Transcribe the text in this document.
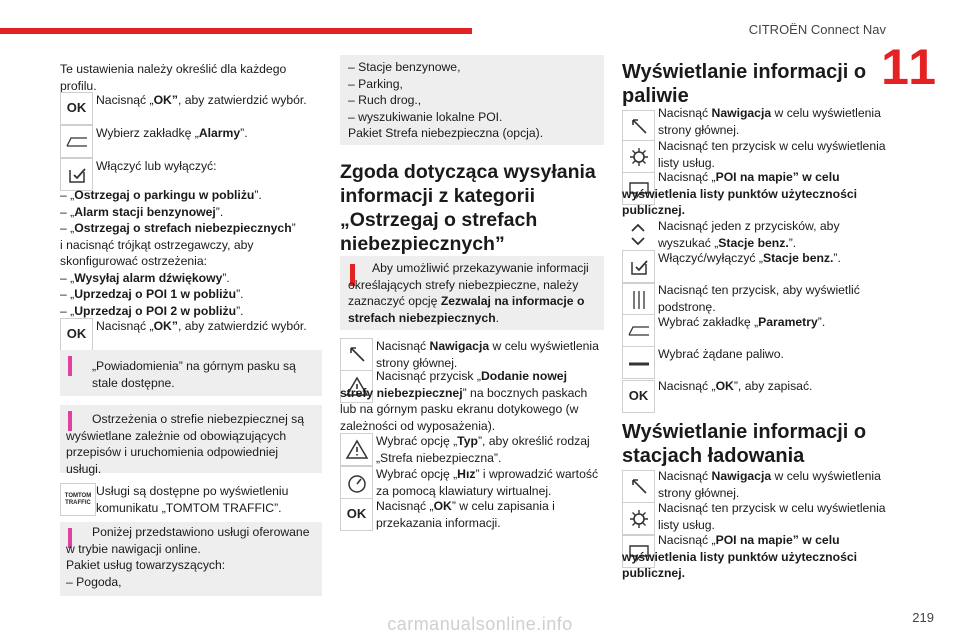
CITROËN Connect Nav
11
Te ustawienia należy określić dla każdego profilu.
OK
Nacisnąć „OK”, aby zatwierdzić wybór.
Wybierz zakładkę „Alarmy”.
Włączyć lub wyłączyć:
– „Ostrzegaj o parkingu w pobliżu”.
– „Alarm stacji benzynowej”.
– „Ostrzegaj o strefach niebezpiecznych”
i nacisnąć trójkąt ostrzegawczy, aby
skonfigurować ostrzeżenia:
– „Wysyłaj alarm dźwiękowy”.
– „Uprzedzaj o POI 1 w pobliżu”.
– „Uprzedzaj o POI 2 w pobliżu”.
OK
Nacisnąć „OK”, aby zatwierdzić wybór.
„Powiadomienia” na górnym pasku są stale dostępne.
Ostrzeżenia o strefie niebezpiecznej są wyświetlane zależnie od obowiązujących przepisów i uruchomienia odpowiedniej usługi.
TOMTOM TRAFFIC
Usługi są dostępne po wyświetleniu komunikatu „TOMTOM TRAFFIC”.
Poniżej przedstawiono usługi oferowane w trybie nawigacji online.
Pakiet usług towarzyszących:
– Pogoda,
– Stacje benzynowe,
– Parking,
– Ruch drog.,
– wyszukiwanie lokalne POI.
Pakiet Strefa niebezpieczna (opcja).
Zgoda dotycząca wysyłania informacji z kategorii „Ostrzegaj o strefach niebezpiecznych”
Aby umożliwić przekazywanie informacji określających strefy niebezpieczne, należy zaznaczyć opcję Zezwalaj na informacje o strefach niebezpiecznych.
Nacisnąć Nawigacja w celu wyświetlenia strony głównej.
Nacisnąć przycisk „Dodanie nowej strefy niebezpiecznej” na bocznych paskach lub na górnym pasku ekranu dotykowego (w zależności od wyposażenia).
Wybrać opcję „Typ”, aby określić rodzaj „Strefa niebezpieczna”.
Wybrać opcję „Hız” i wprowadzić wartość za pomocą klawiatury wirtualnej.
OK
Nacisnąć „OK” w celu zapisania i przekazania informacji.
Wyświetlanie informacji o paliwie
Nacisnąć Nawigacja w celu wyświetlenia strony głównej.
Nacisnąć ten przycisk w celu wyświetlenia listy usług.
Nacisnąć „POI na mapie” w celu wyświetlenia listy punktów użyteczności publicznej.
Nacisnąć jeden z przycisków, aby wyszukać „Stacje benz.”.
Włączyć/wyłączyć „Stacje benz.”.
Nacisnąć ten przycisk, aby wyświetlić podstronę.
Wybrać zakładkę „Parametry”.
Wybrać żądane paliwo.
OK
Nacisnąć „OK”, aby zapisać.
Wyświetlanie informacji o stacjach ładowania
Nacisnąć Nawigacja w celu wyświetlenia strony głównej.
Nacisnąć ten przycisk w celu wyświetlenia listy usług.
Nacisnąć „POI na mapie” w celu wyświetlenia listy punktów użyteczności publicznej.
219
carmanualsonline.info
